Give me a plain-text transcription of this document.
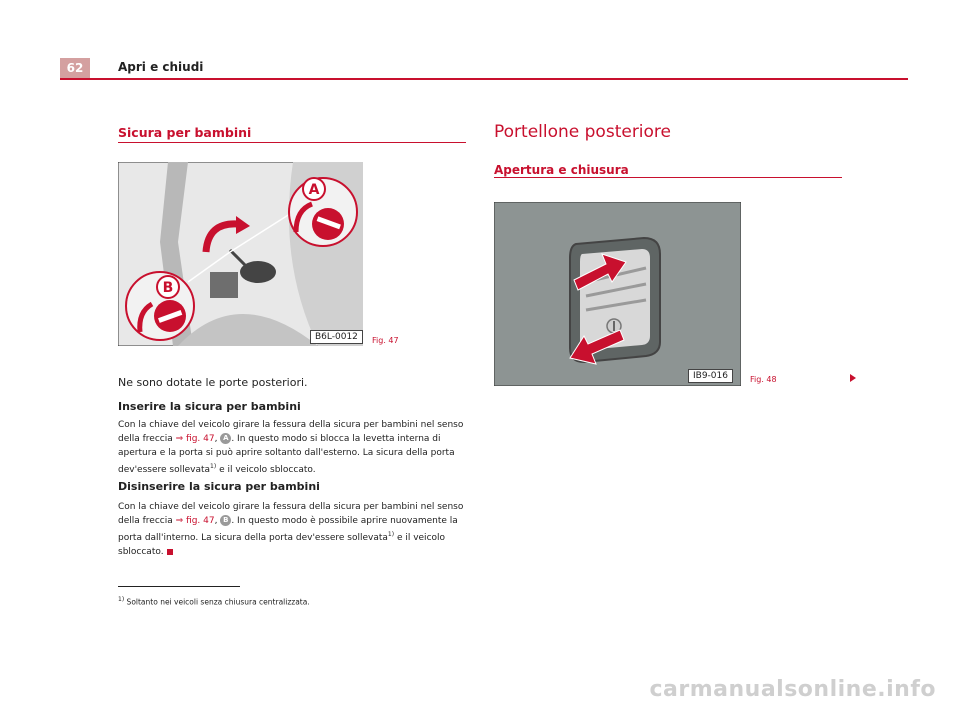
62	Apri e chiudi
Sicura per bambini
A
B
B6L-0012	Fig. 47
Ne sono dotate le porte posteriori.
Inserire la sicura per bambini
Con la chiave del veicolo girare la fessura della sicura per bambini nel senso della freccia ⇒ fig. 47, A . In questo modo si blocca la levetta interna di apertura e la porta si può aprire soltanto dall'esterno. La sicura della porta dev'essere sollevata$^{1)}$ e il veicolo sbloccato.
Disinserire la sicura per bambini
Con la chiave del veicolo girare la fessura della sicura per bambini nel senso della freccia ⇒ fig. 47, B . In questo modo è possibile aprire nuovamente la porta dall'interno. La sicura della porta dev'essere sollevata$^{1)}$ e il veicolo sbloccato.
$^{1)}$ Soltanto nei veicoli senza chiusura centralizzata.
Portellone posteriore
Apertura e chiusura
IB9-016	Fig. 48
carmanualsonline.info
